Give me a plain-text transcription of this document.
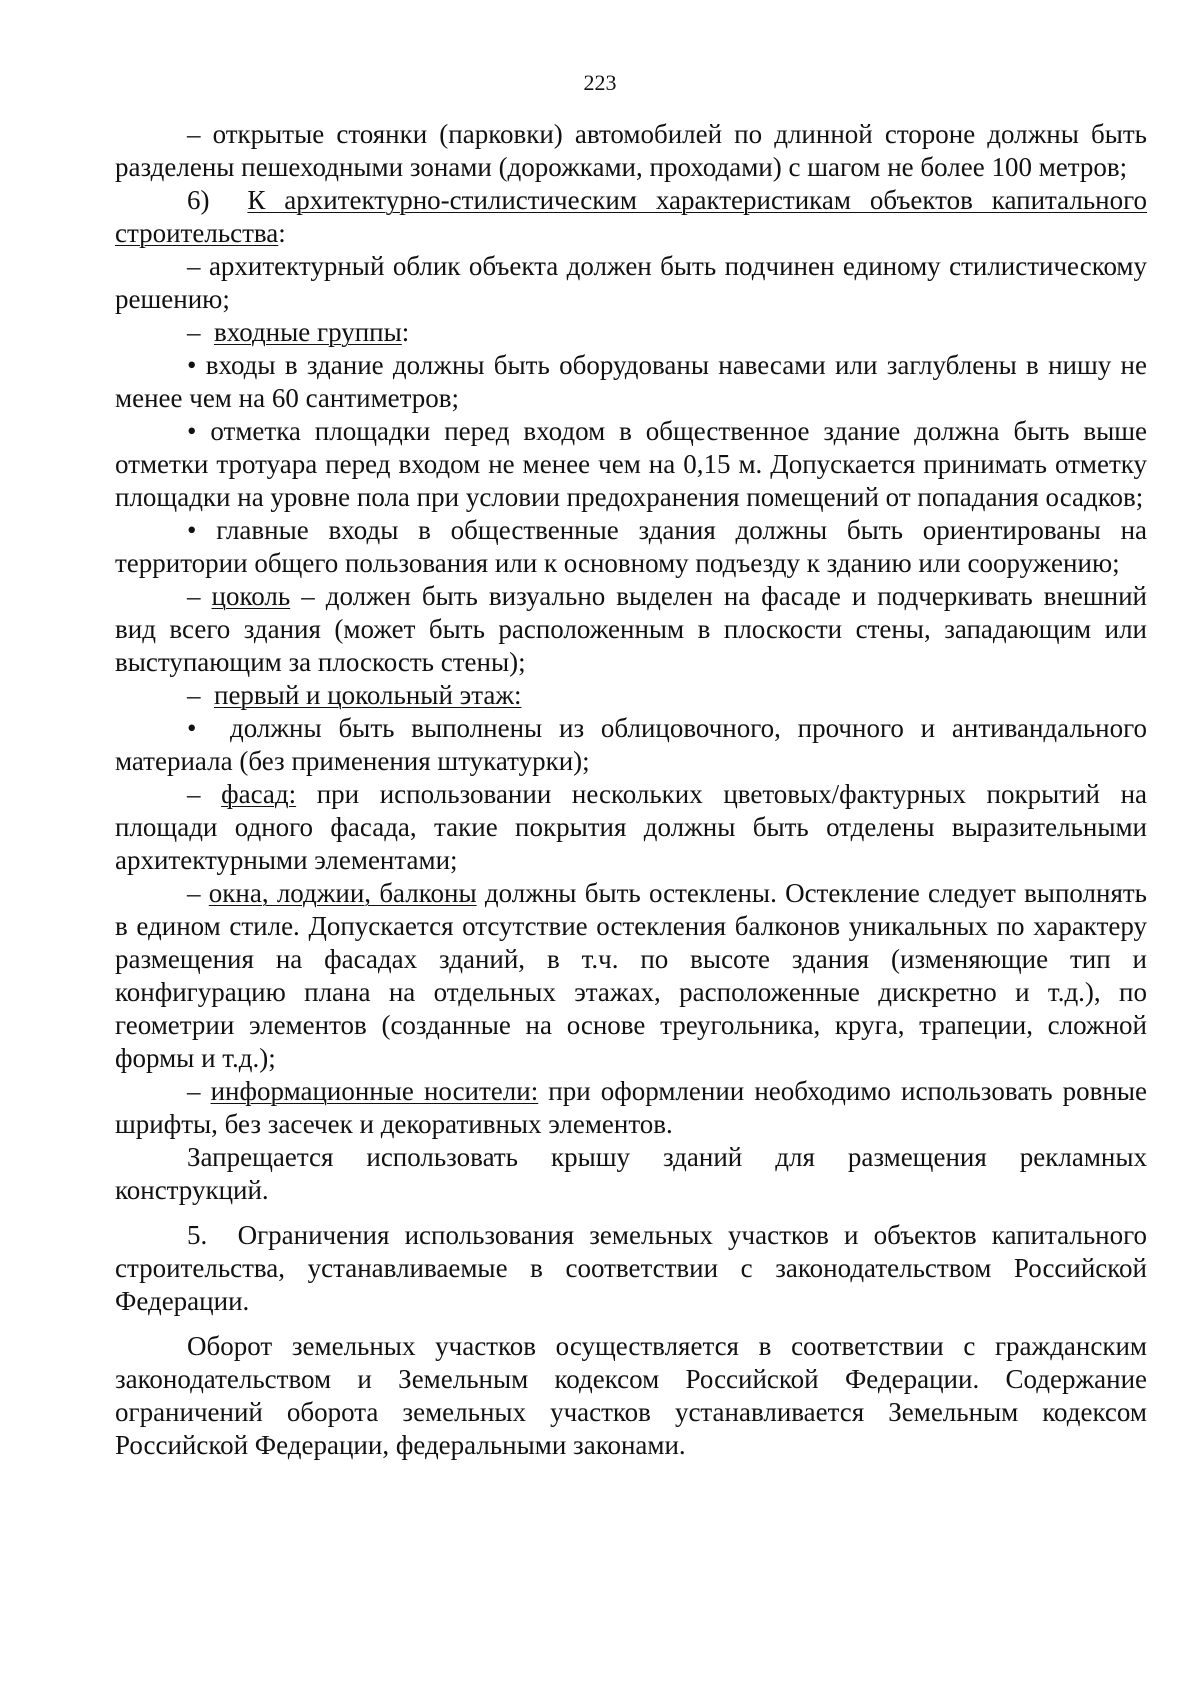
223

– открытые стоянки (парковки) автомобилей по длинной стороне должны быть разделены пешеходными зонами (дорожками, проходами) с шагом не более 100 метров;

6) К архитектурно-стилистическим характеристикам объектов капитального строительства:

– архитектурный облик объекта должен быть подчинен единому стилистическому решению;

– входные группы:

• входы в здание должны быть оборудованы навесами или заглублены в нишу не менее чем на 60 сантиметров;

• отметка площадки перед входом в общественное здание должна быть выше отметки тротуара перед входом не менее чем на 0,15 м. Допускается принимать отметку площадки на уровне пола при условии предохранения помещений от попадания осадков;

• главные входы в общественные здания должны быть ориентированы на территории общего пользования или к основному подъезду к зданию или сооружению;

– цоколь – должен быть визуально выделен на фасаде и подчеркивать внешний вид всего здания (может быть расположенным в плоскости стены, западающим или выступающим за плоскость стены);

– первый и цокольный этаж:

• должны быть выполнены из облицовочного, прочного и антивандального материала (без применения штукатурки);

– фасад: при использовании нескольких цветовых/фактурных покрытий на площади одного фасада, такие покрытия должны быть отделены выразительными архитектурными элементами;

– окна, лоджии, балконы должны быть остеклены. Остекление следует выполнять в едином стиле. Допускается отсутствие остекления балконов уникальных по характеру размещения на фасадах зданий, в т.ч. по высоте здания (изменяющие тип и конфигурацию плана на отдельных этажах, расположенные дискретно и т.д.), по геометрии элементов (созданные на основе треугольника, круга, трапеции, сложной формы и т.д.);

– информационные носители: при оформлении необходимо использовать ровные шрифты, без засечек и декоративных элементов.

Запрещается использовать крышу зданий для размещения рекламных конструкций.

5. Ограничения использования земельных участков и объектов капитального строительства, устанавливаемые в соответствии с законодательством Российской Федерации.

Оборот земельных участков осуществляется в соответствии с гражданским законодательством и Земельным кодексом Российской Федерации. Содержание ограничений оборота земельных участков устанавливается Земельным кодексом Российской Федерации, федеральными законами.
